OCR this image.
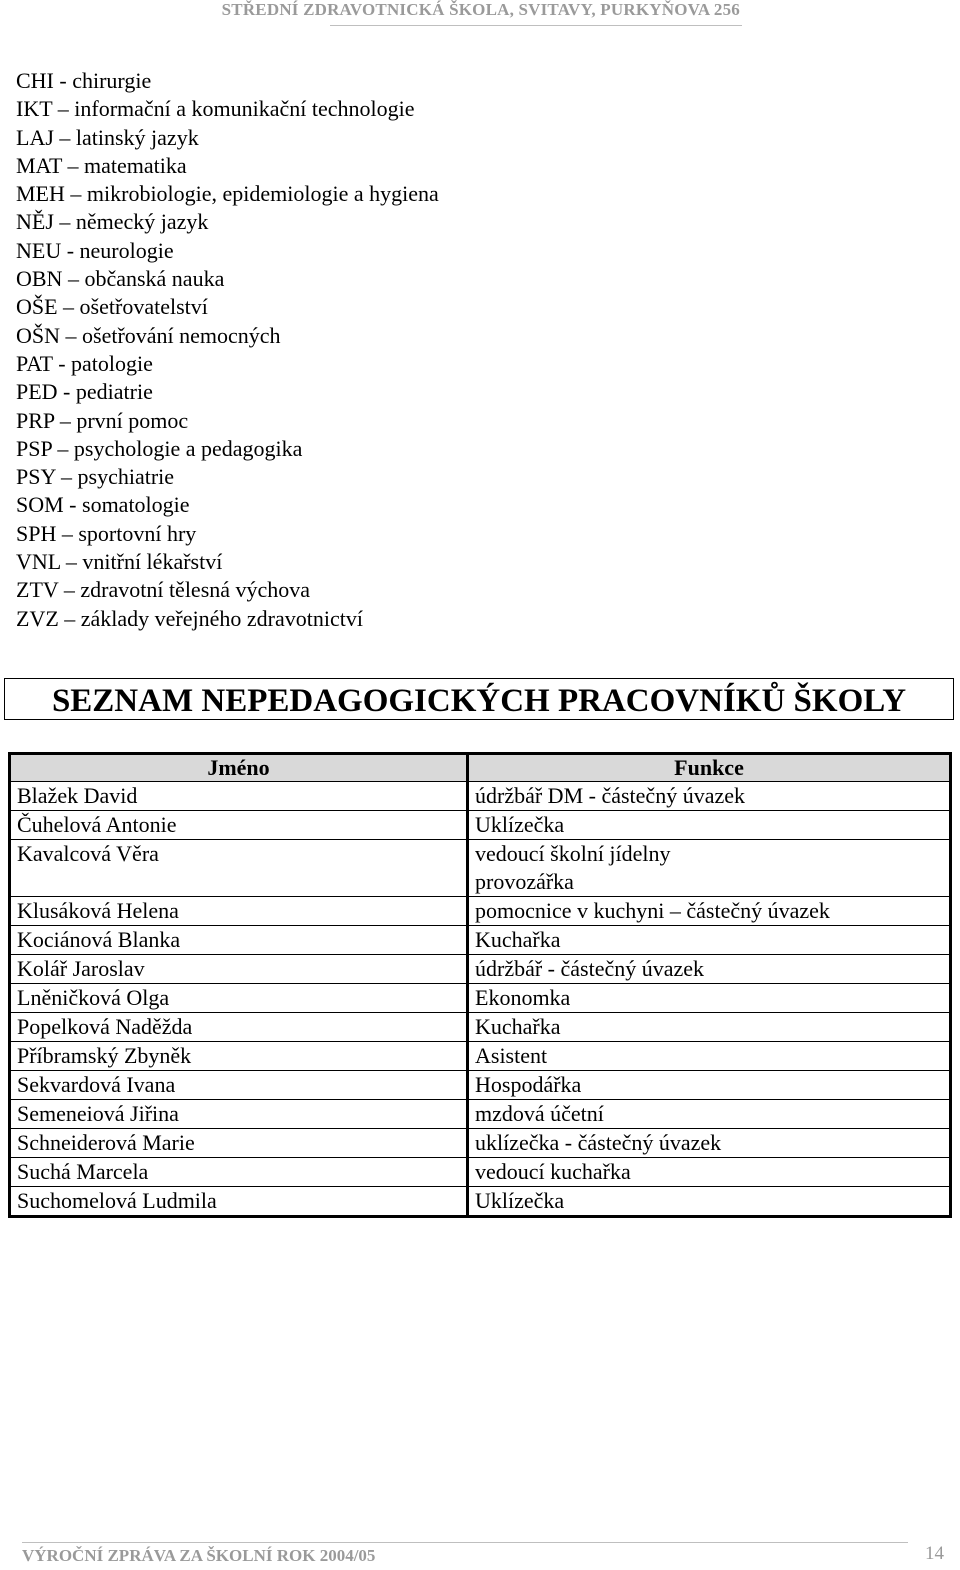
STŘEDNÍ ZDRAVOTNICKÁ ŠKOLA, SVITAVY, PURKYŇOVA 256
CHI - chirurgie
IKT – informační a komunikační technologie
LAJ – latinský jazyk
MAT – matematika
MEH – mikrobiologie, epidemiologie a hygiena
NĚJ – německý jazyk
NEU - neurologie
OBN – občanská nauka
OŠE – ošetřovatelství
OŠN – ošetřování nemocných
PAT - patologie
PED - pediatrie
PRP – první pomoc
PSP – psychologie a pedagogika
PSY – psychiatrie
SOM - somatologie
SPH – sportovní hry
VNL – vnitřní lékařství
ZTV – zdravotní tělesná výchova
ZVZ – základy veřejného zdravotnictví
SEZNAM NEPEDAGOGICKÝCH PRACOVNÍKŮ ŠKOLY
Jméno	Funkce
Blažek David	údržbář DM - částečný úvazek
Čuhelová Antonie	Uklízečka
Kavalcová Věra	vedoucí školní jídelny
provozářka

Klusáková Helena	pomocnice v kuchyni – částečný úvazek
Kociánová Blanka	Kuchařka
Kolář Jaroslav	údržbář - částečný úvazek
Lněničková Olga	Ekonomka
Popelková Naděžda	Kuchařka
Příbramský Zbyněk	Asistent
Sekvardová Ivana	Hospodářka
Semeneiová Jiřina	mzdová účetní
Schneiderová Marie	uklízečka - částečný úvazek
Suchá Marcela	vedoucí kuchařka
Suchomelová Ludmila	Uklízečka
VÝROČNÍ ZPRÁVA ZA ŠKOLNÍ ROK 2004/05	14
